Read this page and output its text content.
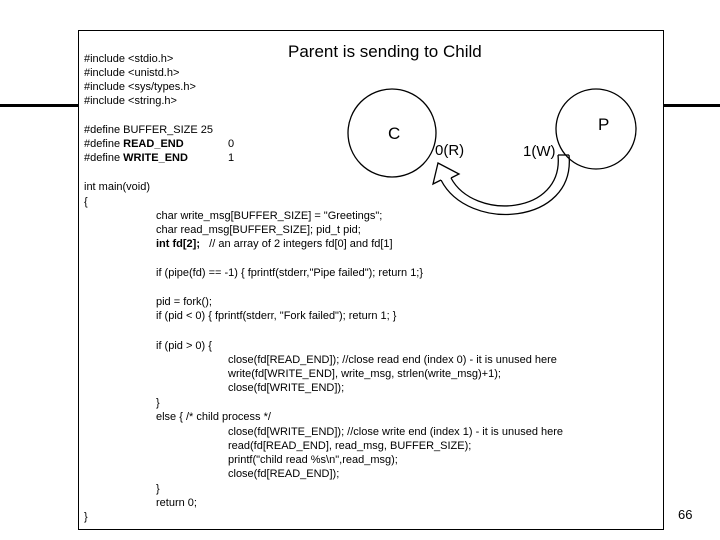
Parent is sending to Child
#include <stdio.h>
#include <unistd.h>
#include <sys/types.h>
#include <string.h>
#define BUFFER_SIZE 25
#define READ_END	0
#define WRITE_END	1
int main(void)
{
char write_msg[BUFFER_SIZE] = "Greetings";
char read_msg[BUFFER_SIZE]; pid_t pid;
int fd[2]; // an array of 2 integers fd[0] and fd[1]
if (pipe(fd) == -1) { fprintf(stderr,"Pipe failed"); return 1;}
pid = fork();
if (pid < 0) { fprintf(stderr, "Fork failed"); return 1; }
if (pid > 0) {
close(fd[READ_END]); //close read end (index 0) - it is unused here
write(fd[WRITE_END], write_msg, strlen(write_msg)+1);
close(fd[WRITE_END]);
}
else { /* child process */
close(fd[WRITE_END]); //close write end (index 1) - it is unused here
read(fd[READ_END], read_msg, BUFFER_SIZE);
printf("child read %s\n",read_msg);
close(fd[READ_END]);
}
return 0;
}
C	P
0(R)	1(W)
66
